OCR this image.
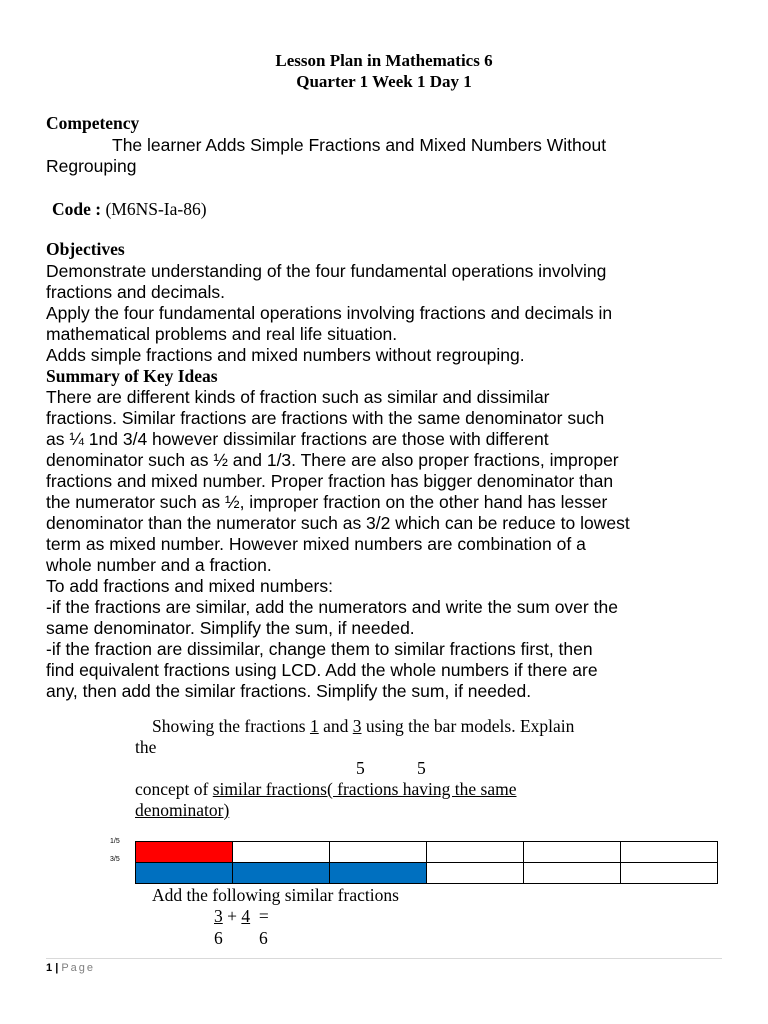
Lesson Plan in Mathematics 6
Quarter 1 Week 1 Day 1
Competency
The learner Adds Simple Fractions and Mixed Numbers Without
Regrouping
Code : (M6NS-Ia-86)
Objectives
Demonstrate understanding of the four fundamental operations involving
fractions and decimals.
Apply the four fundamental operations involving fractions and decimals in
mathematical problems and real life situation.
Adds simple fractions and mixed numbers without regrouping.
Summary of Key Ideas
There are different kinds of fraction such as similar and dissimilar
fractions. Similar fractions are fractions with the same denominator such
as ¼ 1nd 3/4 however dissimilar fractions are those with different
denominator such as ½ and 1/3. There are also proper fractions, improper
fractions and mixed number. Proper fraction has bigger denominator than
the numerator such as ½, improper fraction on the other hand has lesser
denominator than the numerator such as 3/2 which can be reduce to lowest
term as mixed number. However mixed numbers are combination of a
whole number and a fraction.
To add fractions and mixed numbers:
-if the fractions are similar, add the numerators and write the sum over the
same denominator. Simplify the sum, if needed.
-if the fraction are dissimilar, change them to similar fractions first, then
find equivalent fractions using LCD. Add the whole numbers if there are
any, then add the similar fractions. Simplify the sum, if needed.
Showing the fractions 1 and 3 using the bar models. Explain
the
5	5
concept of similar fractions( fractions having the same
denominator)
1/5
3/5

Add the following similar fractions
3 + 4 =
6 6
1 | Page
